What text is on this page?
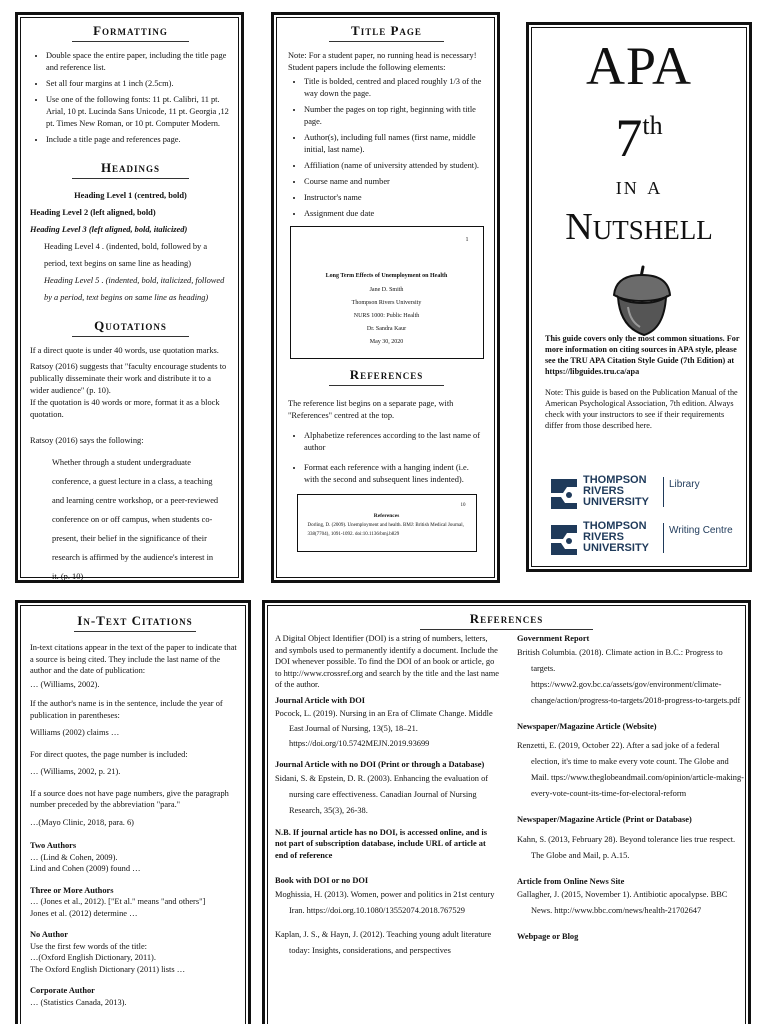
Formatting
• Double space the entire paper, including the title page and reference list.
• Set all four margins at 1 inch (2.5cm).
• Use one of the following fonts: 11 pt. Calibri, 11 pt. Arial, 10 pt. Lucinda Sans Unicode, 11 pt. Georgia ,12 pt. Times New Roman, or 10 pt. Computer Modern.
• Include a title page and references page.
Headings
Heading Level 1 (centred, bold)
Heading Level 2 (left aligned, bold)
Heading Level 3 (left aligned, bold, italicized)
Heading Level 4 . (indented, bold, followed by a period, text begins on same line as heading)
Heading Level 5 . (indented, bold, italicized, followed by a period, text begins on same line as heading)
Quotations

If a direct quote is under 40 words, use quotation marks.

Ratsoy (2016) suggests that "faculty encourage students to publically disseminate their work and distribute it to a wider audience" (p. 10).

If the quotation is 40 words or more, format it as a block quotation.

Ratsoy (2016) says the following:

Whether through a student undergraduate conference, a guest lecture in a class, a teaching and learning centre workshop, or a peer-reviewed conference on or off campus, when students co-present, their belief in the significance of their research is affirmed by the audience's interest in it. (p. 10)

Title Page

Note: For a student paper, no running head is necessary!

Student papers include the following elements:

• Title is bolded, centred and placed roughly 1/3 of the way down the page.
• Number the pages on top right, beginning with title page.
• Author(s), including full names (first name, middle initial, last name).
• Affiliation (name of university attended by student).
• Course name and number
• Instructor's name
• Assignment due date
1
Long Term Effects of Unemployment on Health
Jane D. Smith
Thompson Rivers University
NURS 1000: Public Health
Dr. Sandra Kaur
May 30, 2020
References

The reference list begins on a separate page, with "References" centred at the top.

• Alphabetize references according to the last name of author
• Format each reference with a hanging indent (i.e. with the second and subsequent lines indented).
10
References
Dorling, D. (2009). Unemployment and health. BMJ: British Medical Journal, 338(7704), 1091-1092. doi:10.1136/bmj.b829
APA
7th
in a
Nutshell

This guide covers only the most common situations. For more information on citing sources in APA style, please see the TRU APA Citation Style Guide (7th Edition) at https://libguides.tru.ca/apa

Note: This guide is based on the Publication Manual of the American Psychological Association, 7th edition. Always check with your instructors to see if their requirements differ from those described here.

THOMPSON
RIVERS
UNIVERSITY
Library
THOMPSON
RIVERS
UNIVERSITY
Writing Centre
In-Text Citations

In-text citations appear in the text of the paper to indicate that a source is being cited. They include the last name of the author and the date of publication:

… (Williams, 2002).

If the author's name is in the sentence, include the year of publication in parentheses:

Williams (2002) claims …

For direct quotes, the page number is included:

… (Williams, 2002, p. 21).

If a source does not have page numbers, give the paragraph number preceded by the abbreviation "para."

…(Mayo Clinic, 2018, para. 6)

Two Authors

… (Lind & Cohen, 2009).

Lind and Cohen (2009) found …

Three or More Authors

… (Jones et al., 2012). ["Et al." means "and others"]

Jones et al. (2012) determine …

No Author

Use the first few words of the title:

…(Oxford English Dictionary, 2011).

The Oxford English Dictionary (2011) lists …

Corporate Author

… (Statistics Canada, 2013).

References

A Digital Object Identifier (DOI) is a string of numbers, letters, and symbols used to permanently identify a document. Include the DOI whenever possible. To find the DOI of an book or article, go to http://www.crossref.org and search by the title and the last name of the author.

Journal Article with DOI

Pocock, L. (2019). Nursing in an Era of Climate Change. Middle East Journal of Nursing, 13(5), 18–21. https://doi.org/10.5742MEJN.2019.93699

Journal Article with no DOI (Print or through a Database)

Sidani, S. & Epstein, D. R. (2003). Enhancing the evaluation of nursing care effectiveness. Canadian Journal of Nursing Research, 35(3), 26-38.

N.B. If journal article has no DOI, is accessed online, and is not part of subscription database, include URL of article at end of reference

Book with DOI or no DOI

Moghissia, H. (2013). Women, power and politics in 21st century Iran. https://doi.org.10.1080/13552074.2018.767529

Kaplan, J. S., & Hayn, J. (2012). Teaching young adult literature today: Insights, considerations, and perspectives

Government Report

British Columbia. (2018). Climate action in B.C.: Progress to targets. https://www2.gov.bc.ca/assets/gov/environment/climate-change/action/progress-to-targets/2018-progress-to-targets.pdf

Newspaper/Magazine Article (Website)

Renzetti, E. (2019, October 22). After a sad joke of a federal election, it's time to make every vote count. The Globe and Mail. ttps://www.theglobeandmail.com/opinion/article-making-every-vote-count-its-time-for-electoral-reform

Newspaper/Magazine Article (Print or Database)

Kahn, S. (2013, February 28). Beyond tolerance lies true respect. The Globe and Mail, p. A.15.

Article from Online News Site

Gallagher, J. (2015, November 1). Antibiotic apocalypse. BBC News. http://www.bbc.com/news/health-21702647

Webpage or Blog
